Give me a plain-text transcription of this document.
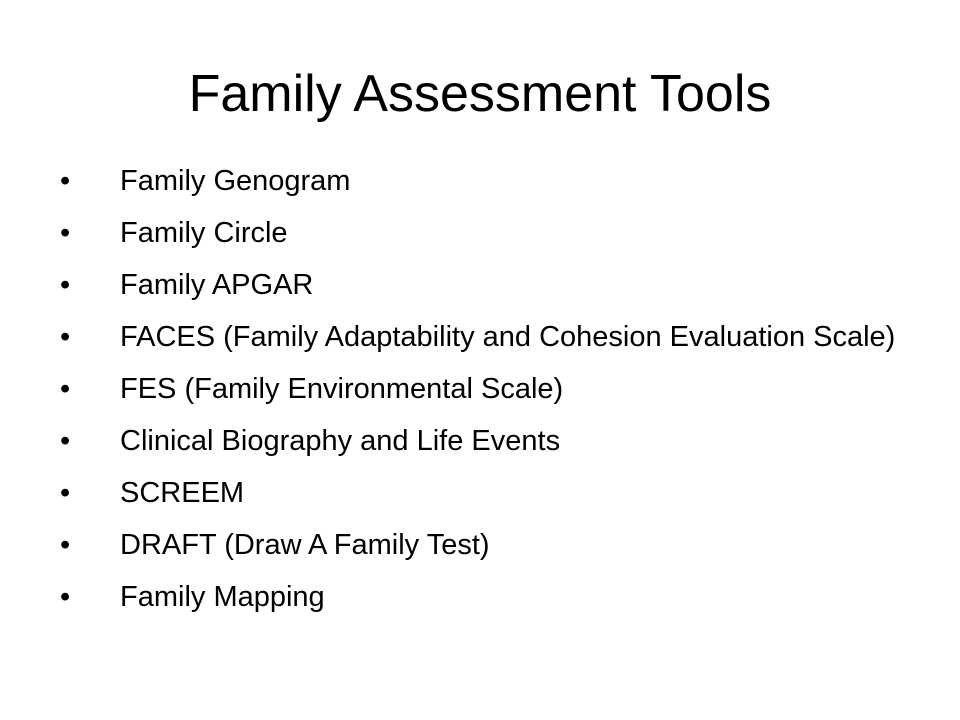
Family Assessment Tools
•	Family Genogram
•	Family Circle
•	Family APGAR
•	FACES (Family Adaptability and Cohesion Evaluation Scale)
•	FES (Family Environmental Scale)
•	Clinical Biography and Life Events
•	SCREEM
•	DRAFT (Draw A Family Test)
•	Family Mapping
